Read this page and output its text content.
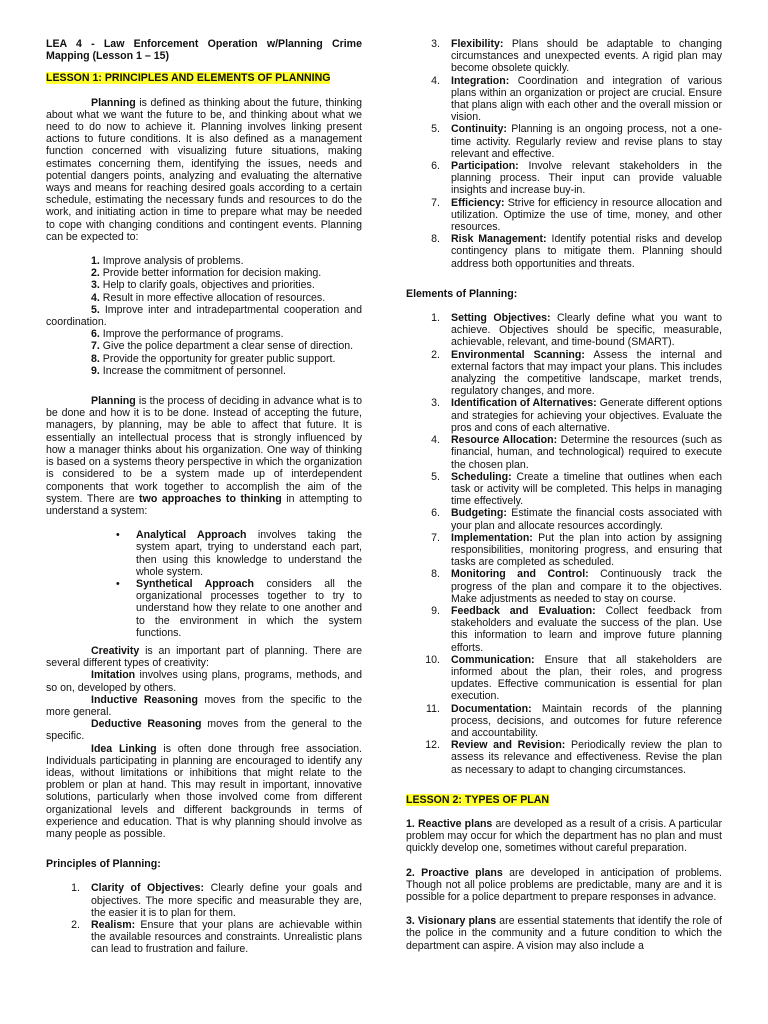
LEA 4 - Law Enforcement Operation w/Planning Crime Mapping (Lesson 1 – 15)

LESSON 1: PRINCIPLES AND ELEMENTS OF PLANNING

Planning is defined as thinking about the future, thinking about what we want the future to be, and thinking about what we need to do now to achieve it. Planning involves linking present actions to future conditions. It is also defined as a management function concerned with visualizing future situations, making estimates concerning them, identifying the issues, needs and potential dangers points, analyzing and evaluating the alternative ways and means for reaching desired goals according to a certain schedule, estimating the necessary funds and resources to do the work, and initiating action in time to prepare what may be needed to cope with changing conditions and contingent events. Planning can be expected to:

1. Improve analysis of problems.

2. Provide better information for decision making.

3. Help to clarify goals, objectives and priorities.

4. Result in more effective allocation of resources.

5. Improve inter and intradepartmental cooperation and coordination.

6. Improve the performance of programs.

7. Give the police department a clear sense of direction.

8. Provide the opportunity for greater public support.

9. Increase the commitment of personnel.

Planning is the process of deciding in advance what is to be done and how it is to be done. Instead of accepting the future, managers, by planning, may be able to affect that future. It is essentially an intellectual process that is strongly influenced by how a manager thinks about his organization. One way of thinking is based on a systems theory perspective in which the organization is considered to be a system made up of interdependent components that work together to accomplish the aim of the system. There are two approaches to thinking in attempting to understand a system:

• Analytical Approach involves taking the system apart, trying to understand each part, then using this knowledge to understand the whole system.
• Synthetical Approach considers all the organizational processes together to try to understand how they relate to one another and to the environment in which the system functions.

Creativity is an important part of planning. There are several different types of creativity:

Imitation involves using plans, programs, methods, and so on, developed by others.

Inductive Reasoning moves from the specific to the more general.

Deductive Reasoning moves from the general to the specific.

Idea Linking is often done through free association. Individuals participating in planning are encouraged to identify any ideas, without limitations or inhibitions that might relate to the problem or plan at hand. This may result in important, innovative solutions, particularly when those involved come from different organizational levels and different backgrounds in terms of experience and education. That is why planning should involve as many people as possible.

Principles of Planning:

1. Clarity of Objectives: Clearly define your goals and objectives. The more specific and measurable they are, the easier it is to plan for them.
2. Realism: Ensure that your plans are achievable within the available resources and constraints. Unrealistic plans can lead to frustration and failure.
3. Flexibility: Plans should be adaptable to changing circumstances and unexpected events. A rigid plan may become obsolete quickly.
4. Integration: Coordination and integration of various plans within an organization or project are crucial. Ensure that plans align with each other and the overall mission or vision.
5. Continuity: Planning is an ongoing process, not a one-time activity. Regularly review and revise plans to stay relevant and effective.
6. Participation: Involve relevant stakeholders in the planning process. Their input can provide valuable insights and increase buy-in.
7. Efficiency: Strive for efficiency in resource allocation and utilization. Optimize the use of time, money, and other resources.
8. Risk Management: Identify potential risks and develop contingency plans to mitigate them. Planning should address both opportunities and threats.

Elements of Planning:

1. Setting Objectives: Clearly define what you want to achieve. Objectives should be specific, measurable, achievable, relevant, and time-bound (SMART).
2. Environmental Scanning: Assess the internal and external factors that may impact your plans. This includes analyzing the competitive landscape, market trends, regulatory changes, and more.
3. Identification of Alternatives: Generate different options and strategies for achieving your objectives. Evaluate the pros and cons of each alternative.
4. Resource Allocation: Determine the resources (such as financial, human, and technological) required to execute the chosen plan.
5. Scheduling: Create a timeline that outlines when each task or activity will be completed. This helps in managing time effectively.
6. Budgeting: Estimate the financial costs associated with your plan and allocate resources accordingly.
7. Implementation: Put the plan into action by assigning responsibilities, monitoring progress, and ensuring that tasks are completed as scheduled.
8. Monitoring and Control: Continuously track the progress of the plan and compare it to the objectives. Make adjustments as needed to stay on course.
9. Feedback and Evaluation: Collect feedback from stakeholders and evaluate the success of the plan. Use this information to learn and improve future planning efforts.
10. Communication: Ensure that all stakeholders are informed about the plan, their roles, and progress updates. Effective communication is essential for plan execution.
11. Documentation: Maintain records of the planning process, decisions, and outcomes for future reference and accountability.
12. Review and Revision: Periodically review the plan to assess its relevance and effectiveness. Revise the plan as necessary to adapt to changing circumstances.

LESSON 2: TYPES OF PLAN

1. Reactive plans are developed as a result of a crisis. A particular problem may occur for which the department has no plan and must quickly develop one, sometimes without careful preparation.

2. Proactive plans are developed in anticipation of problems. Though not all police problems are predictable, many are and it is possible for a police department to prepare responses in advance.

3. Visionary plans are essential statements that identify the role of the police in the community and a future condition to which the department can aspire. A vision may also include a
